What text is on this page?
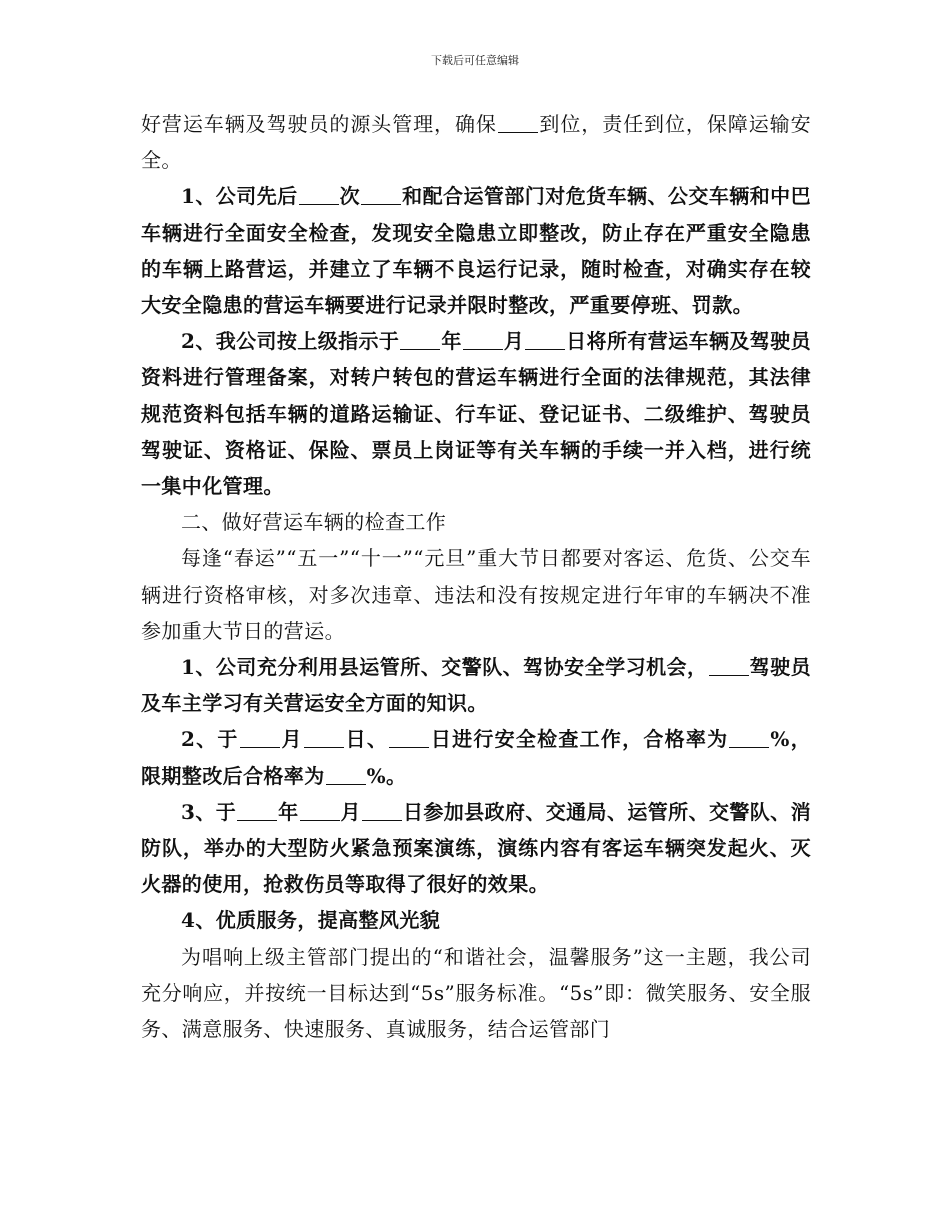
下载后可任意编辑

好营运车辆及驾驶员的源头管理，确保 到位，责任到位，保障运输安全。

1、公司先后 次 和配合运管部门对危货车辆、公交车辆和中巴车辆进行全面安全检查，发现安全隐患立即整改，防止存在严重安全隐患的车辆上路营运，并建立了车辆不良运行记录，随时检查，对确实存在较大安全隐患的营运车辆要进行记录并限时整改，严重要停班、罚款。

2、我公司按上级指示于 年 月 日将所有营运车辆及驾驶员资料进行管理备案，对转户转包的营运车辆进行全面的法律规范，其法律规范资料包括车辆的道路运输证、行车证、登记证书、二级维护、驾驶员驾驶证、资格证、保险、票员上岗证等有关车辆的手续一并入档，进行统一集中化管理。

二、做好营运车辆的检查工作

每逢“春运”“五一”“十一”“元旦”重大节日都要对客运、危货、公交车辆进行资格审核，对多次违章、违法和没有按规定进行年审的车辆决不准参加重大节日的营运。

1、公司充分利用县运管所、交警队、驾协安全学习机会， 驾驶员及车主学习有关营运安全方面的知识。

2、于 月 日、 日进行安全检查工作，合格率为 %，限期整改后合格率为 %。

3、于 年 月 日参加县政府、交通局、运管所、交警队、消防队，举办的大型防火紧急预案演练，演练内容有客运车辆突发起火、灭火器的使用，抢救伤员等取得了很好的效果。

4、优质服务，提高整风光貌

为唱响上级主管部门提出的“和谐社会，温馨服务”这一主题，我公司充分响应，并按统一目标达到“5s”服务标准。“5s”即：微笑服务、安全服务、满意服务、快速服务、真诚服务，结合运管部门
